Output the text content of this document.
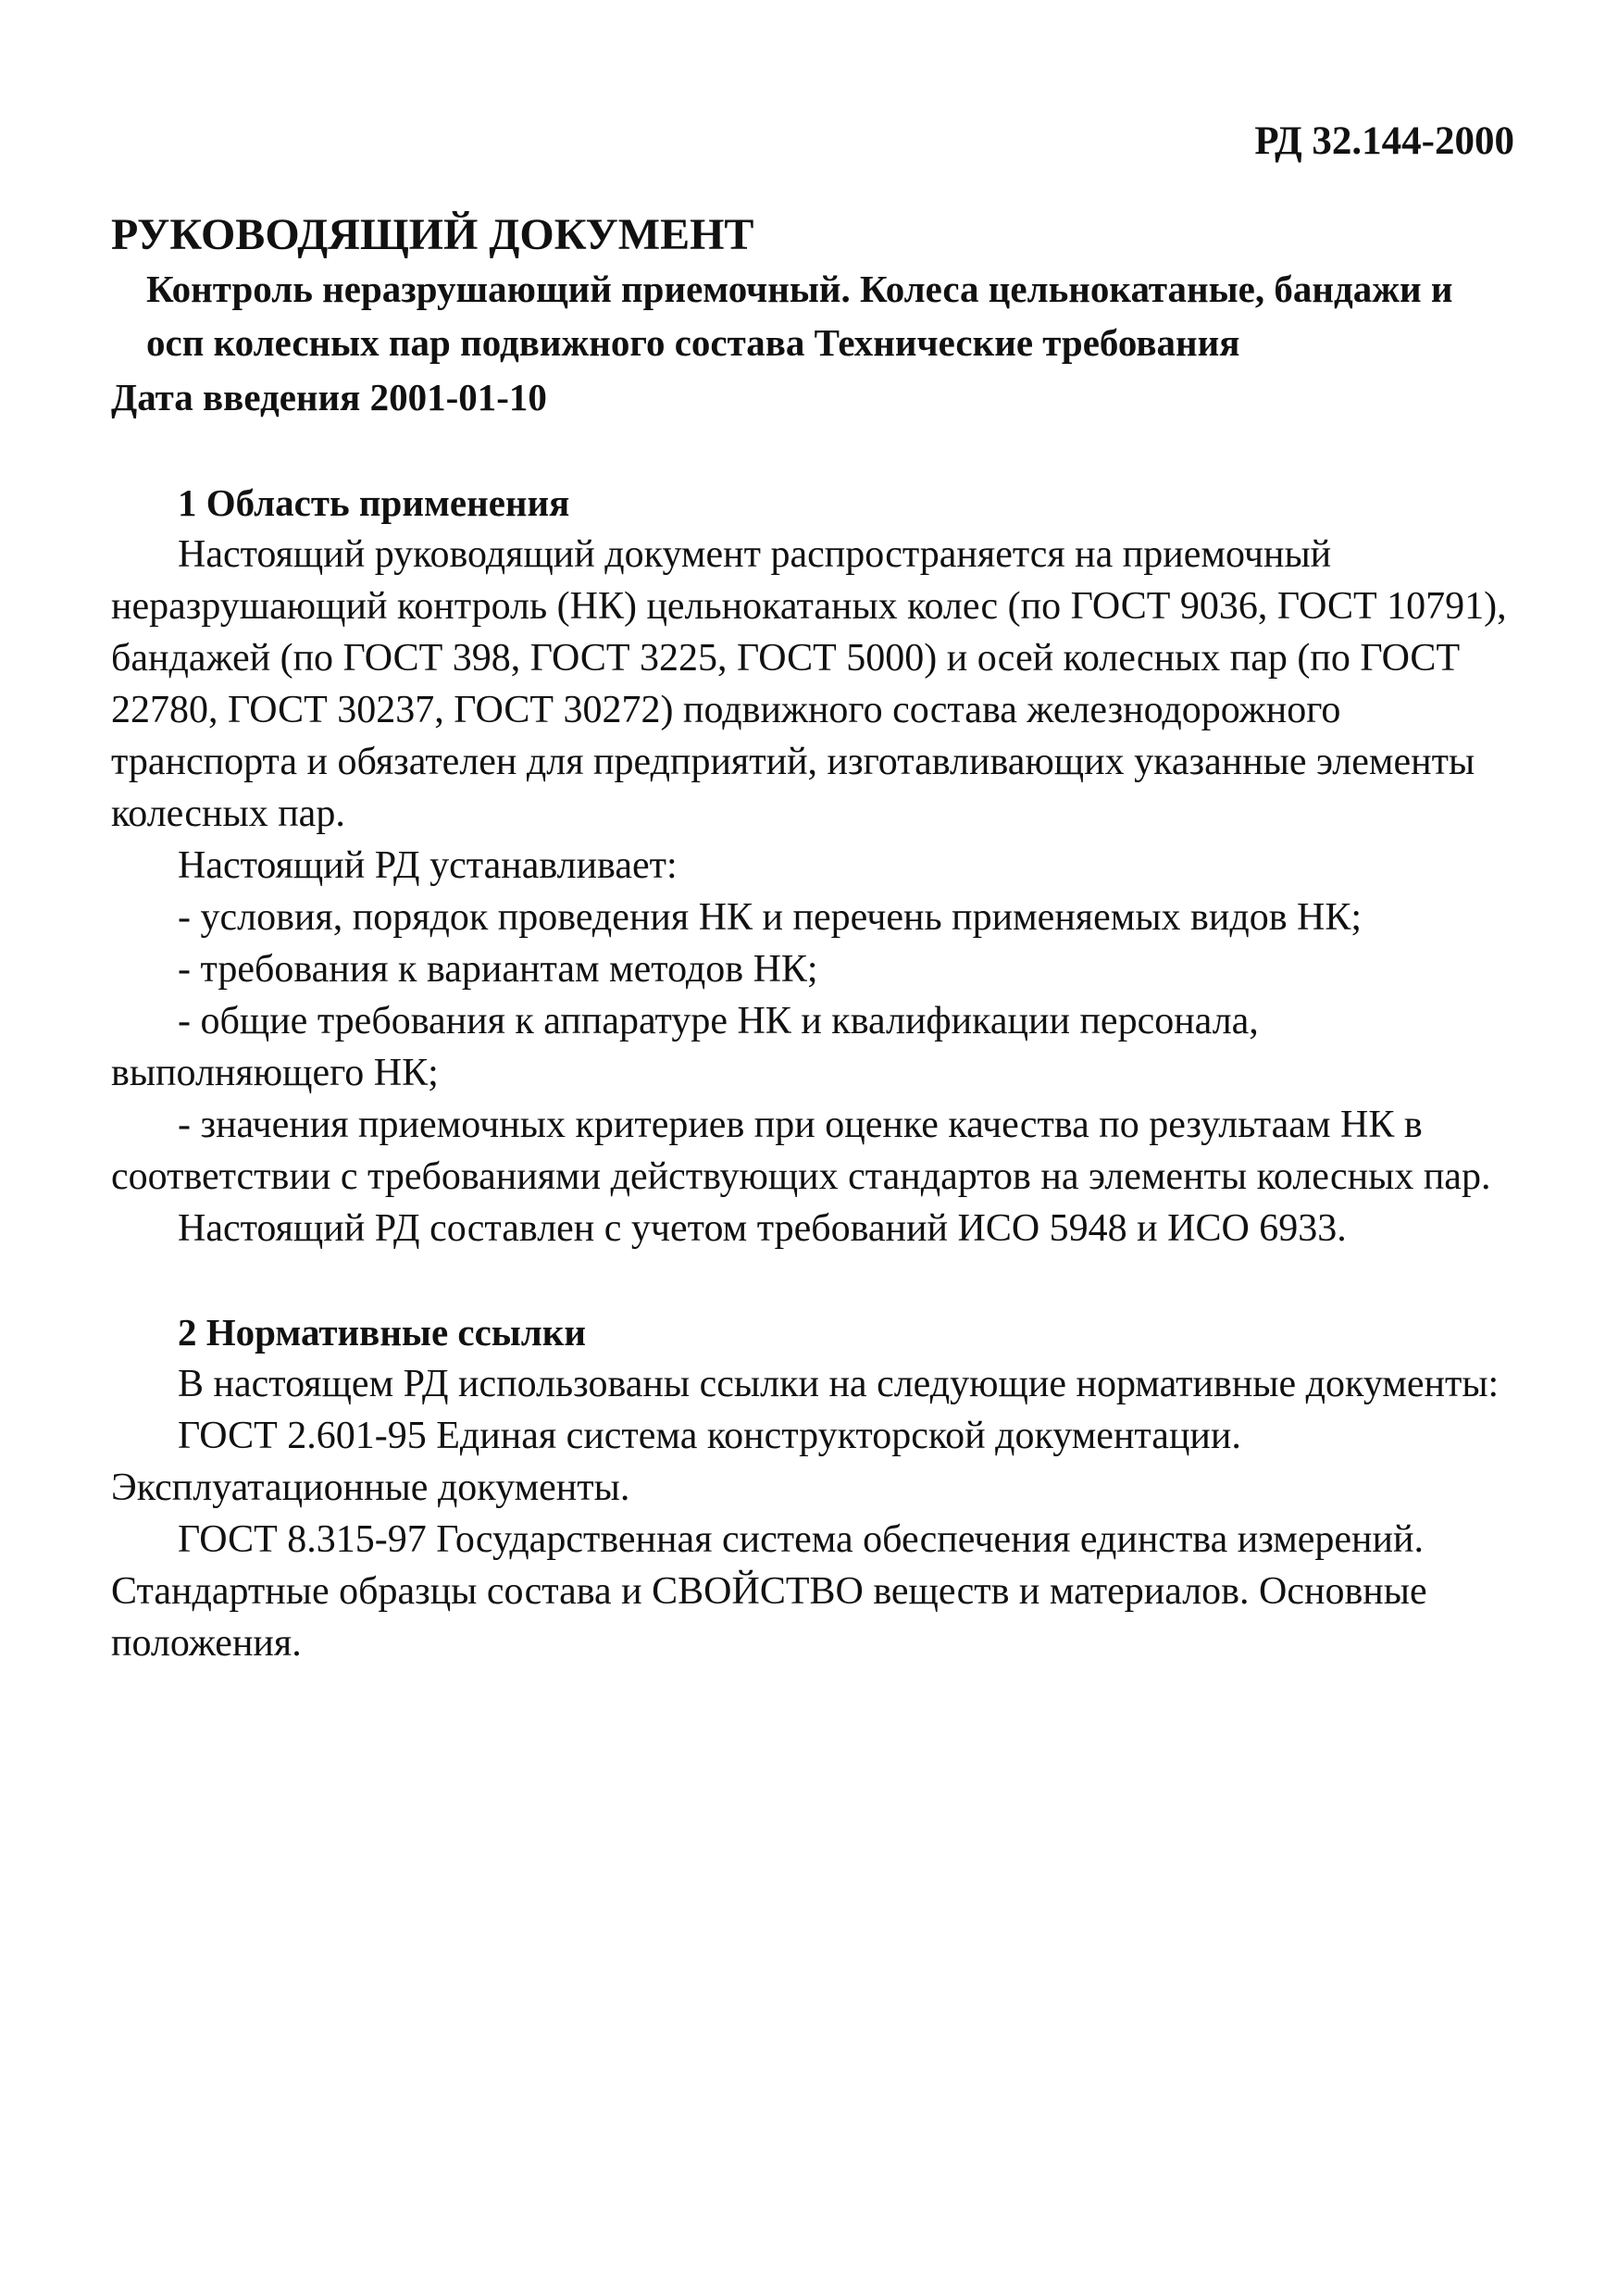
РД 32.144-2000
РУКОВОДЯЩИЙ ДОКУМЕНТ
Контроль неразрушающий приемочный. Колеса цельнокатаные, бандажи и осп колесных пар подвижного состава Технические требования
Дата введения 2001-01-10
1 Область применения

Настоящий руководящий документ распространяется на приемочный неразрушающий контроль (НК) цельнокатаных колес (по ГОСТ 9036, ГОСТ 10791), бандажей (по ГОСТ 398, ГОСТ 3225, ГОСТ 5000) и осей колесных пар (по ГОСТ 22780, ГОСТ 30237, ГОСТ 30272) подвижного состава железнодорожного транспорта и обязателен для предприятий, изготавливающих указанные элементы колесных пар.

Настоящий РД устанавливает:

- условия, порядок проведения НК и перечень применяемых видов НК;
- требования к вариантам методов НК;
- общие требования к аппаратуре НК и квалификации персонала, выполняющего НК;
- значения приемочных критериев при оценке качества по результаам НК в соответствии с требованиями действующих стандартов на элементы колесных пар.

Настоящий РД составлен с учетом требований ИСО 5948 и ИСО 6933.

2 Нормативные ссылки

В настоящем РД использованы ссылки на следующие нормативные документы:

ГОСТ 2.601-95 Единая система конструкторской документации. Эксплуатационные документы.

ГОСТ 8.315-97 Государственная система обеспечения единства измерений. Стандартные образцы состава и СВОЙСТВО веществ и материалов. Основные положения.
